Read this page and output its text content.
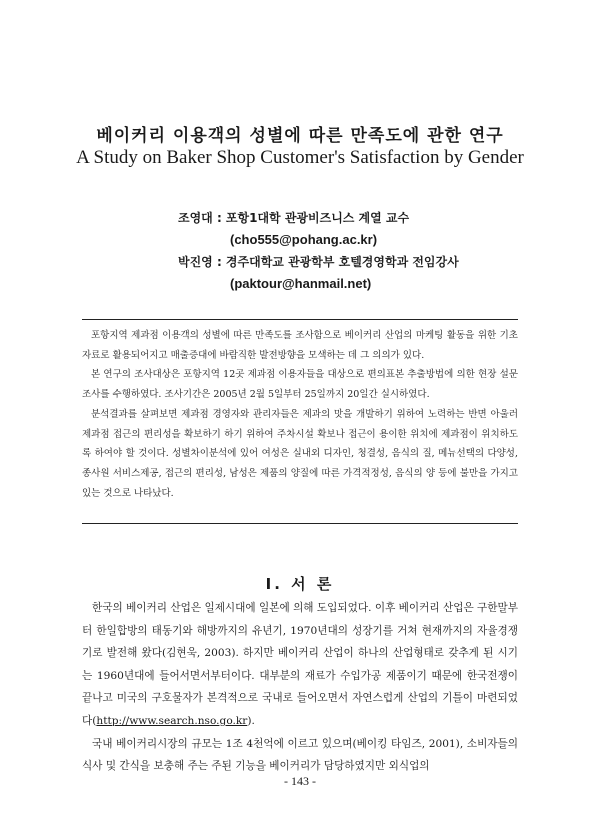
베이커리 이용객의 성별에 따른 만족도에 관한 연구
A Study on Baker Shop Customer's Satisfaction by Gender
조영대 : 포항1대학 관광비즈니스 계열 교수
(cho555@pohang.ac.kr)
박진영 : 경주대학교 관광학부 호텔경영학과 전임강사
(paktour@hanmail.net)

포항지역 제과점 이용객의 성별에 따른 만족도를 조사함으로 베이커리 산업의 마케팅 활동을 위한 기초자료로 활용되어지고 매출증대에 바람직한 발전방향을 모색하는 데 그 의의가 있다.

본 연구의 조사대상은 포항지역 12곳 제과점 이용자들을 대상으로 편의표본 추출방법에 의한 현장 설문조사를 수행하였다. 조사기간은 2005년 2월 5일부터 25일까지 20일간 실시하였다.

분석결과를 살펴보면 제과점 경영자와 관리자들은 제과의 맛을 개발하기 위하여 노력하는 반면 아울러 제과점 접근의 편리성을 확보하기 하기 위하여 주차시설 확보나 접근이 용이한 위치에 제과점이 위치하도록 하여야 할 것이다. 성별차이분석에 있어 여성은 실내외 디자인, 청결성, 음식의 질, 메뉴선택의 다양성, 종사원 서비스제공, 접근의 편리성, 남성은 제품의 양질에 따른 가격적정성, 음식의 양 등에 불만을 가지고 있는 것으로 나타났다.

Ⅰ. 서 론

한국의 베이커리 산업은 일제시대에 일본에 의해 도입되었다. 이후 베이커리 산업은 구한말부터 한일합방의 태동기와 해방까지의 유년기, 1970년대의 성장기를 거쳐 현재까지의 자율경쟁기로 발전해 왔다(김현욱, 2003). 하지만 베이커리 산업이 하나의 산업형태로 갖추게 된 시기는 1960년대에 들어서면서부터이다. 대부분의 재료가 수입가공 제품이기 때문에 한국전쟁이 끝나고 미국의 구호물자가 본격적으로 국내로 들어오면서 자연스럽게 산업의 기틀이 마련되었다(http://www.search.nso.go.kr).

국내 베이커리시장의 규모는 1조 4천억에 이르고 있으며(베이킹 타임즈, 2001), 소비자들의 식사 및 간식을 보충해 주는 주된 기능을 베이커리가 담당하였지만 외식업의

- 143 -
